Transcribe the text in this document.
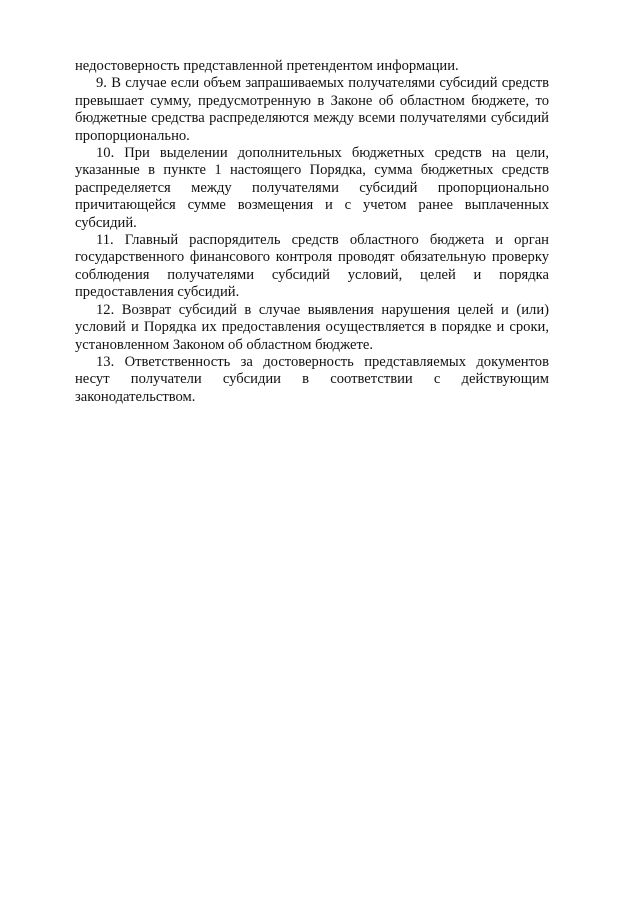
недостоверность представленной претендентом информации.

9. В случае если объем запрашиваемых получателями субсидий средств превышает сумму, предусмотренную в Законе об областном бюджете, то бюджетные средства распределяются между всеми получателями субсидий пропорционально.

10. При выделении дополнительных бюджетных средств на цели, указанные в пункте 1 настоящего Порядка, сумма бюджетных средств распределяется между получателями субсидий пропорционально причитающейся сумме возмещения и с учетом ранее выплаченных субсидий.

11. Главный распорядитель средств областного бюджета и орган государственного финансового контроля проводят обязательную проверку соблюдения получателями субсидий условий, целей и порядка предоставления субсидий.

12. Возврат субсидий в случае выявления нарушения целей и (или) условий и Порядка их предоставления осуществляется в порядке и сроки, установленном Законом об областном бюджете.

13. Ответственность за достоверность представляемых документов несут получатели субсидии в соответствии с действующим законодательством.
